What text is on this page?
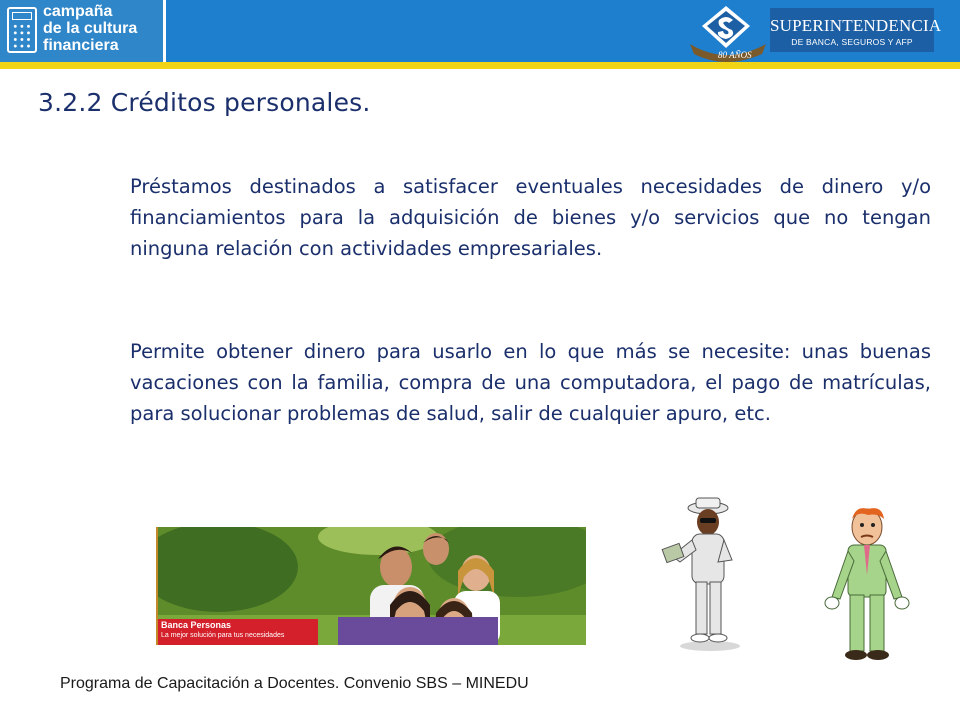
campaña
de la cultura
financiera
80 AÑOS
SUPERINTENDENCIA
DE BANCA, SEGUROS Y AFP
3.2.2 Créditos personales.
Préstamos destinados a satisfacer eventuales necesidades de dinero y/o financiamientos para la adquisición de bienes y/o servicios que no tengan ninguna relación con actividades empresariales.
Permite obtener dinero para usarlo en lo que más se necesite: unas buenas vacaciones con la familia, compra de una computadora, el pago de matrículas, para solucionar problemas de salud, salir de cualquier apuro, etc.
Banca Personas
La mejor solución para tus necesidades
Programa de Capacitación a Docentes. Convenio SBS – MINEDU
